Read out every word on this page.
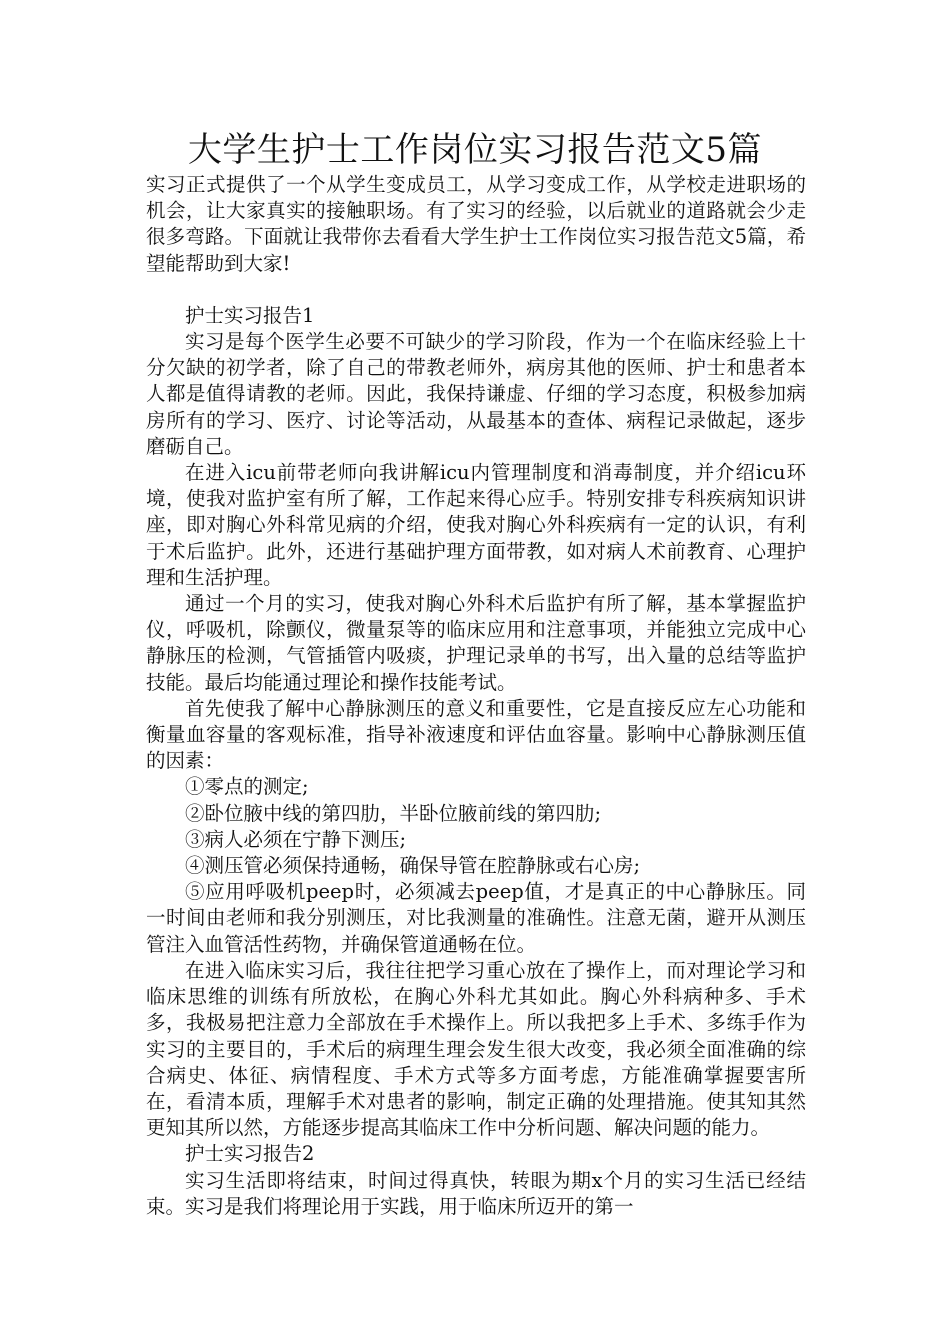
大学生护士工作岗位实习报告范文5篇

实习正式提供了一个从学生变成员工，从学习变成工作，从学校走进职场的机会，让大家真实的接触职场。有了实习的经验，以后就业的道路就会少走很多弯路。下面就让我带你去看看大学生护士工作岗位实习报告范文5篇，希望能帮助到大家!

护士实习报告1

实习是每个医学生必要不可缺少的学习阶段，作为一个在临床经验上十分欠缺的初学者，除了自己的带教老师外，病房其他的医师、护士和患者本人都是值得请教的老师。因此，我保持谦虚、仔细的学习态度，积极参加病房所有的学习、医疗、讨论等活动，从最基本的查体、病程记录做起，逐步磨砺自己。

在进入icu前带老师向我讲解icu内管理制度和消毒制度，并介绍icu环境，使我对监护室有所了解，工作起来得心应手。特别安排专科疾病知识讲座，即对胸心外科常见病的介绍，使我对胸心外科疾病有一定的认识，有利于术后监护。此外，还进行基础护理方面带教，如对病人术前教育、心理护理和生活护理。

通过一个月的实习，使我对胸心外科术后监护有所了解，基本掌握监护仪，呼吸机，除颤仪，微量泵等的临床应用和注意事项，并能独立完成中心静脉压的检测，气管插管内吸痰，护理记录单的书写，出入量的总结等监护技能。最后均能通过理论和操作技能考试。

首先使我了解中心静脉测压的意义和重要性，它是直接反应左心功能和衡量血容量的客观标准，指导补液速度和评估血容量。影响中心静脉测压值的因素：

①零点的测定;

②卧位腋中线的第四肋，半卧位腋前线的第四肋;

③病人必须在宁静下测压;

④测压管必须保持通畅，确保导管在腔静脉或右心房;

⑤应用呼吸机peep时，必须减去peep值，才是真正的中心静脉压。同一时间由老师和我分别测压，对比我测量的准确性。注意无菌，避开从测压管注入血管活性药物，并确保管道通畅在位。

在进入临床实习后，我往往把学习重心放在了操作上，而对理论学习和临床思维的训练有所放松，在胸心外科尤其如此。胸心外科病种多、手术多，我极易把注意力全部放在手术操作上。所以我把多上手术、多练手作为实习的主要目的，手术后的病理生理会发生很大改变，我必须全面准确的综合病史、体征、病情程度、手术方式等多方面考虑，方能准确掌握要害所在，看清本质，理解手术对患者的影响，制定正确的处理措施。使其知其然更知其所以然，方能逐步提高其临床工作中分析问题、解决问题的能力。

护士实习报告2

实习生活即将结束，时间过得真快，转眼为期x个月的实习生活已经结束。实习是我们将理论用于实践，用于临床所迈开的第一
